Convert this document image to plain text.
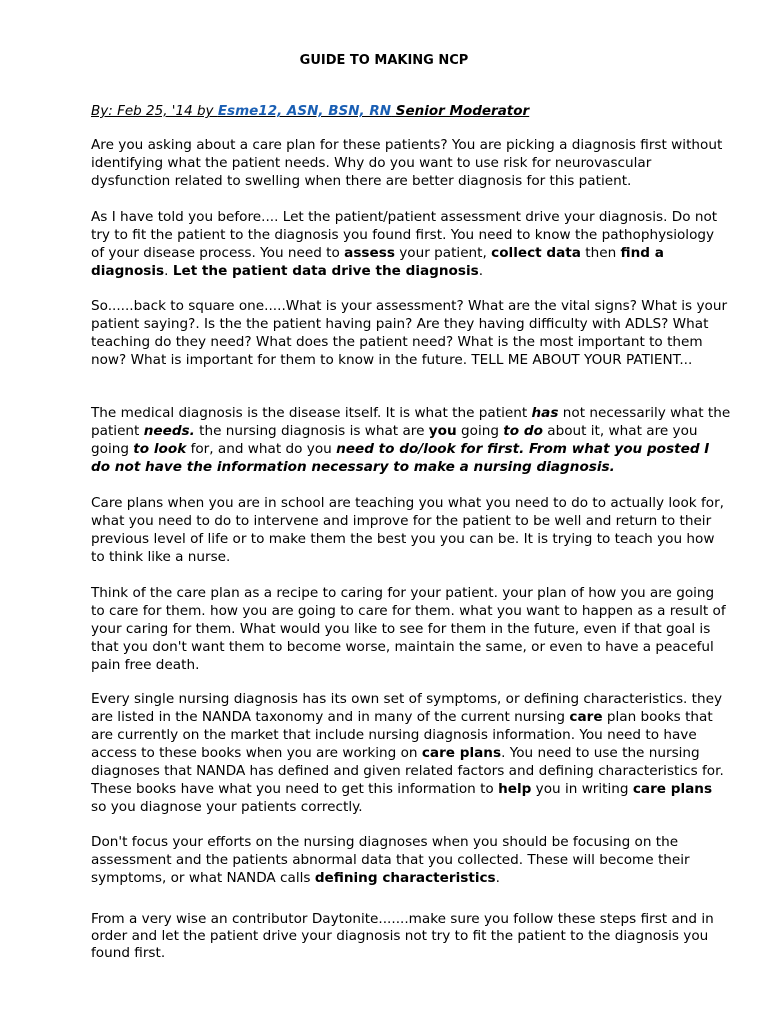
GUIDE TO MAKING NCP
By: Feb 25, '14 by Esme12, ASN, BSN, RN Senior Moderator
Are you asking about a care plan for these patients? You are picking a diagnosis first without identifying what the patient needs. Why do you want to use risk for neurovascular dysfunction related to swelling when there are better diagnosis for this patient.
As I have told you before.... Let the patient/patient assessment drive your diagnosis. Do not try to fit the patient to the diagnosis you found first. You need to know the pathophysiology of your disease process. You need to assess your patient, collect data then find a diagnosis. Let the patient data drive the diagnosis.
So......back to square one.....What is your assessment? What are the vital signs? What is your patient saying?. Is the the patient having pain? Are they having difficulty with ADLS? What teaching do they need? What does the patient need? What is the most important to them now? What is important for them to know in the future. TELL ME ABOUT YOUR PATIENT...
The medical diagnosis is the disease itself. It is what the patient has not necessarily what the patient needs. the nursing diagnosis is what are you going to do about it, what are you going to look for, and what do you need to do/look for first. From what you posted I do not have the information necessary to make a nursing diagnosis.
Care plans when you are in school are teaching you what you need to do to actually look for, what you need to do to intervene and improve for the patient to be well and return to their previous level of life or to make them the best you you can be. It is trying to teach you how to think like a nurse.
Think of the care plan as a recipe to caring for your patient. your plan of how you are going to care for them. how you are going to care for them. what you want to happen as a result of your caring for them. What would you like to see for them in the future, even if that goal is that you don't want them to become worse, maintain the same, or even to have a peaceful pain free death.
Every single nursing diagnosis has its own set of symptoms, or defining characteristics. they are listed in the NANDA taxonomy and in many of the current nursing care plan books that are currently on the market that include nursing diagnosis information. You need to have access to these books when you are working on care plans. You need to use the nursing diagnoses that NANDA has defined and given related factors and defining characteristics for. These books have what you need to get this information to help you in writing care plans so you diagnose your patients correctly.
Don't focus your efforts on the nursing diagnoses when you should be focusing on the assessment and the patients abnormal data that you collected. These will become their symptoms, or what NANDA calls defining characteristics.
From a very wise an contributor Daytonite.......make sure you follow these steps first and in order and let the patient drive your diagnosis not try to fit the patient to the diagnosis you found first.
